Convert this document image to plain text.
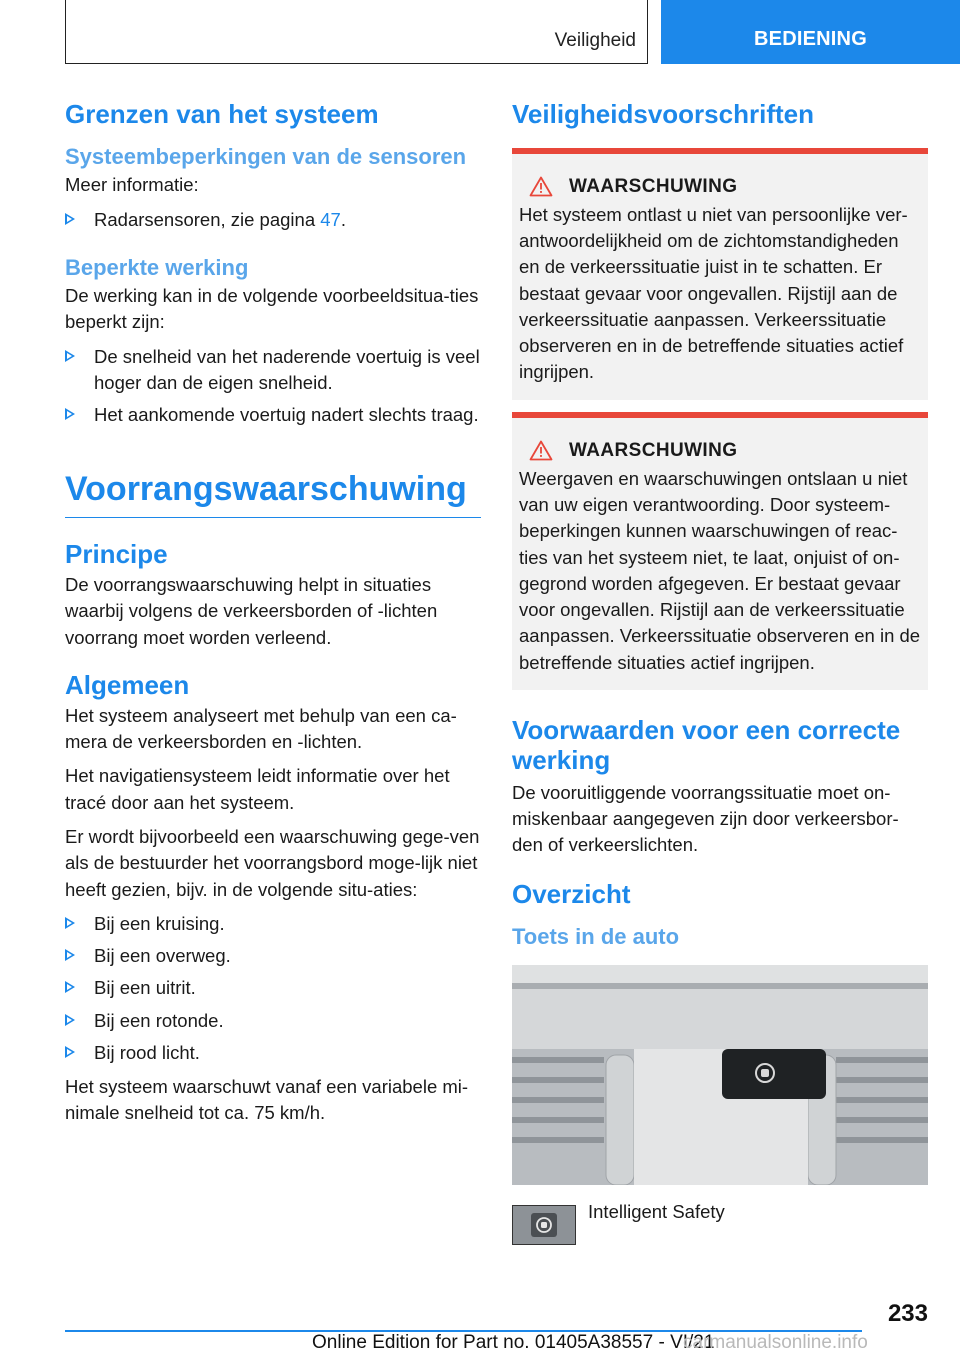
Veiligheid	BEDIENING
Grenzen van het systeem
Systeembeperkingen van de sensoren

Meer informatie:

Radarsensoren, zie pagina 47.
Beperkte werking

De werking kan in de volgende voorbeeldsitua-ties beperkt zijn:

De snelheid van het naderende voertuig is veel hoger dan de eigen snelheid.
Het aankomende voertuig nadert slechts traag.
Voorrangswaarschuwing
Principe

De voorrangswaarschuwing helpt in situaties waarbij volgens de verkeersborden of -lichten voorrang moet worden verleend.

Algemeen

Het systeem analyseert met behulp van een ca-mera de verkeersborden en -lichten.

Het navigatiensysteem leidt informatie over het tracé door aan het systeem.

Er wordt bijvoorbeeld een waarschuwing gege-ven als de bestuurder het voorrangsbord moge-lijk niet heeft gezien, bijv. in de volgende situ-aties:

Bij een kruising.
Bij een overweg.
Bij een uitrit.
Bij een rotonde.
Bij rood licht.

Het systeem waarschuwt vanaf een variabele mi-nimale snelheid tot ca. 75 km/h.

Veiligheidsvoorschriften
WAARSCHUWING

Het systeem ontlast u niet van persoonlijke ver-antwoordelijkheid om de zichtomstandigheden en de verkeerssituatie juist in te schatten. Er bestaat gevaar voor ongevallen. Rijstijl aan de verkeerssituatie aanpassen. Verkeerssituatie observeren en in de betreffende situaties actief ingrijpen.

WAARSCHUWING

Weergaven en waarschuwingen ontslaan u niet van uw eigen verantwoording. Door systeem-beperkingen kunnen waarschuwingen of reac-ties van het systeem niet, te laat, onjuist of on-gegrond worden afgegeven. Er bestaat gevaar voor ongevallen. Rijstijl aan de verkeerssituatie aanpassen. Verkeerssituatie observeren en in de betreffende situaties actief ingrijpen.

Voorwaarden voor een correcte werking

De vooruitliggende voorrangssituatie moet on-miskenbaar aangegeven zijn door verkeersbor-den of verkeerslichten.

Overzicht
Toets in de auto
Intelligent Safety
233
Online Edition for Part no. 01405A38557 - VI/21
carmanualsonline.info
